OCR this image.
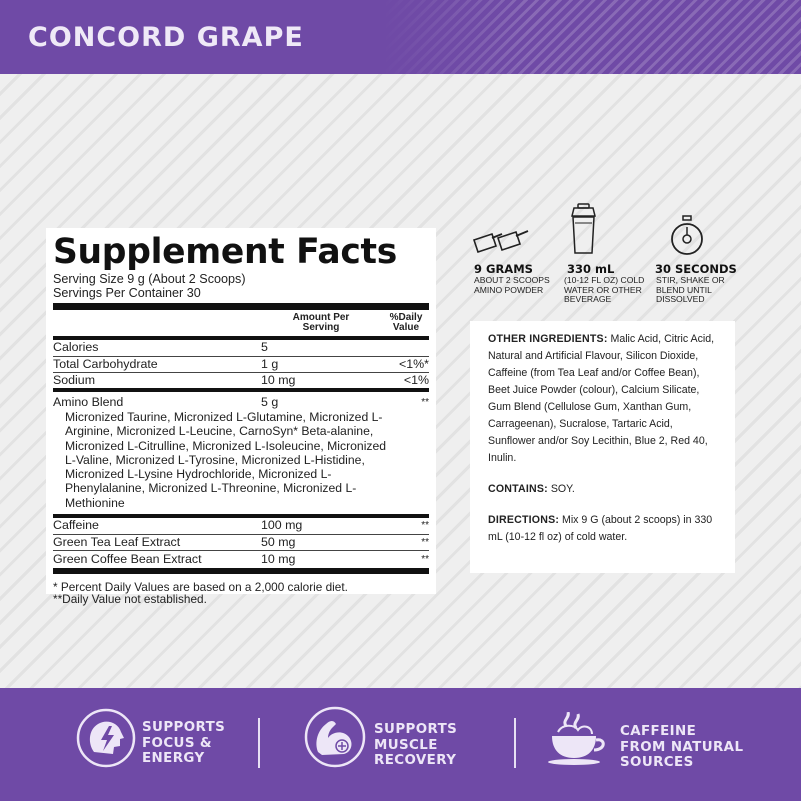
CONCORD GRAPE
Supplement Facts
Serving Size 9 g (About 2 Scoops)
Servings Per Container 30
Amount Per
Serving
%Daily
Value
Calories	5
Total Carbohydrate	1 g	<1%*
Sodium	10 mg	<1%
Amino Blend	5 g	**
Micronized Taurine, Micronized L-Glutamine, Micronized L-Arginine, Micronized L-Leucine, CarnoSyn* Beta-alanine, Micronized L-Citrulline, Micronized L-Isoleucine, Micronized L-Valine, Micronized L-Tyrosine, Micronized L-Histidine, Micronized L-Lysine Hydrochloride, Micronized L-Phenylalanine, Micronized L-Threonine, Micronized L-Methionine
Caffeine	100 mg	**
Green Tea Leaf Extract	50 mg	**
Green Coffee Bean Extract	10 mg	**
* Percent Daily Values are based on a 2,000 calorie diet.
**Daily Value not established.
9 GRAMS
ABOUT 2 SCOOPS
AMINO POWDER
330 mL
(10-12 FL OZ) COLD
WATER OR OTHER
BEVERAGE
30 SECONDS
STIR, SHAKE OR
BLEND UNTIL
DISSOLVED

OTHER INGREDIENTS: Malic Acid, Citric Acid, Natural and Artificial Flavour, Silicon Dioxide, Caffeine (from Tea Leaf and/or Coffee Bean), Beet Juice Powder (colour), Calcium Silicate, Gum Blend (Cellulose Gum, Xanthan Gum, Carrageenan), Sucralose, Tartaric Acid, Sunflower and/or Soy Lecithin, Blue 2, Red 40, Inulin.

CONTAINS: SOY.

DIRECTIONS: Mix 9 G (about 2 scoops) in 330 mL (10-12 fl oz) of cold water.

SUPPORTS
FOCUS &
ENERGY
SUPPORTS
MUSCLE
RECOVERY
CAFFEINE
FROM NATURAL
SOURCES
